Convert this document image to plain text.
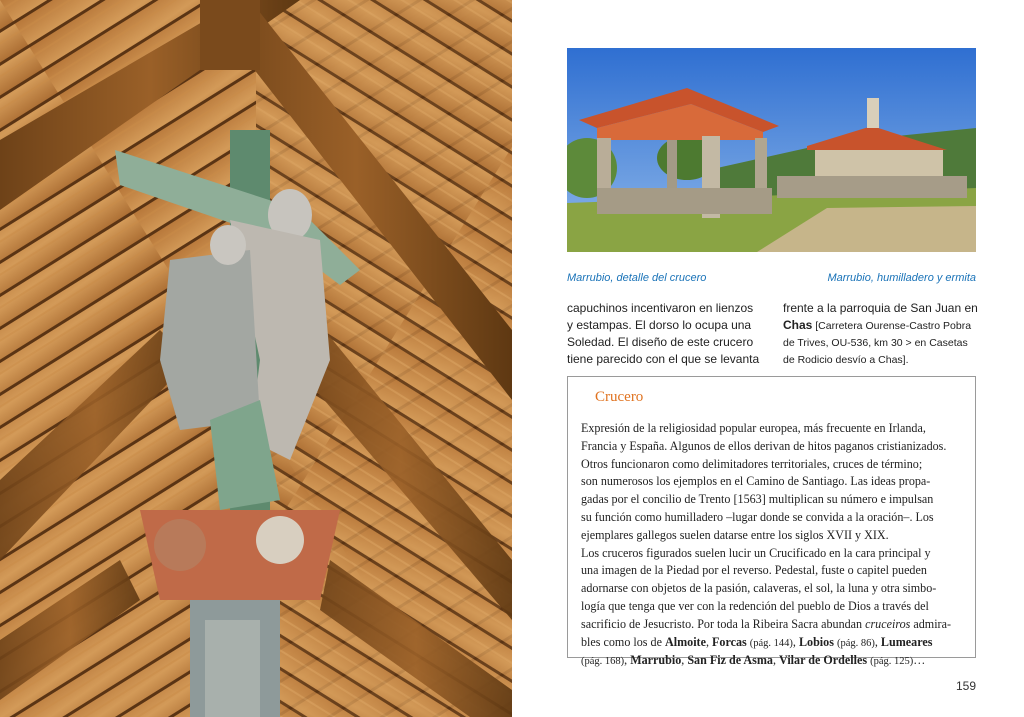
Marrubio, detalle del crucero	Marrubio, humilladero y ermita
capuchinos incentivaron en lienzos
y estampas. El dorso lo ocupa una
Soledad. El diseño de este crucero
tiene parecido con el que se levanta
frente a la parroquia de San Juan en
Chas [Carretera Ourense-Castro Pobra
de Trives, OU-536, km 30 > en Casetas
de Rodicio desvío a Chas].
Crucero
Expresión de la religiosidad popular europea, más frecuente en Irlanda,
Francia y España. Algunos de ellos derivan de hitos paganos cristianizados.
Otros funcionaron como delimitadores territoriales, cruces de término;
son numerosos los ejemplos en el Camino de Santiago. Las ideas propa-
gadas por el concilio de Trento [1563] multiplican su número e impulsan
su función como humilladero –lugar donde se convida a la oración–. Los
ejemplares gallegos suelen datarse entre los siglos XVII y XIX.
Los cruceros figurados suelen lucir un Crucificado en la cara principal y
una imagen de la Piedad por el reverso. Pedestal, fuste o capitel pueden
adornarse con objetos de la pasión, calaveras, el sol, la luna y otra simbo-
logía que tenga que ver con la redención del pueblo de Dios a través del
sacrificio de Jesucristo. Por toda la Ribeira Sacra abundan cruceiros admira-
bles como los de Almoite, Forcas (pág. 144), Lobios (pág. 86), Lumeares
(pág. 168), Marrubio, San Fiz de Asma, Vilar de Ordelles (pág. 125)…
159
